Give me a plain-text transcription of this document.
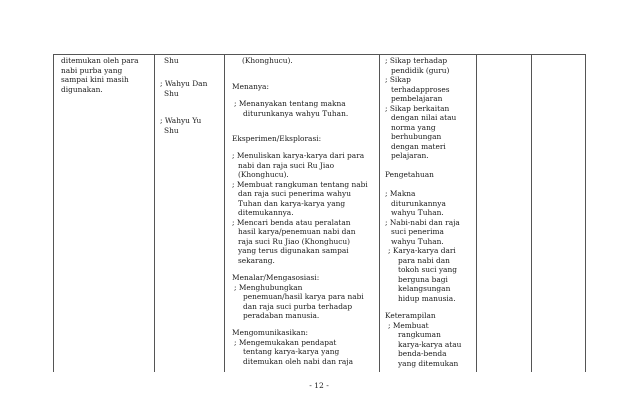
ditemukan oleh para
nabi purba yang
sampai kini masih
digunakan.
Shu
; Wahyu Dan
Shu
; Wahyu Yu
Shu
(Khonghucu).
Menanya:
; Menanyakan tentang makna
diturunkanya wahyu Tuhan.
Eksperimen/Eksplorasi:
; Menuliskan karya-karya dari para
nabi dan raja suci Ru Jiao
(Khonghucu).
; Membuat rangkuman tentang nabi
dan raja suci penerima wahyu
Tuhan dan karya-karya yang
ditemukannya.
; Mencari benda atau peralatan
hasil karya/penemuan nabi dan
raja suci Ru Jiao (Khonghucu)
yang terus digunakan sampai
sekarang.
Menalar/Mengasosiasi:
; Menghubungkan
penemuan/hasil karya para nabi
dan raja suci purba terhadap
peradaban manusia.
Mengomunikasikan:
; Mengemukakan pendapat
tentang karya-karya yang
ditemukan oleh nabi dan raja
; Sikap terhadap
pendidik (guru)
; Sikap
terhadapproses
pembelajaran
; Sikap berkaitan
dengan nilai atau
norma yang
berhubungan
dengan materi
pelajaran.
Pengetahuan
; Makna
diturunkannya
wahyu Tuhan.
; Nabi-nabi dan raja
suci penerima
wahyu Tuhan.
; Karya-karya dari
para nabi dan
tokoh suci yang
berguna bagi
kelangsungan
hidup manusia.
Keterampilan
; Membuat
rangkuman
karya-karya atau
benda-benda
yang ditemukan
- 12 -
